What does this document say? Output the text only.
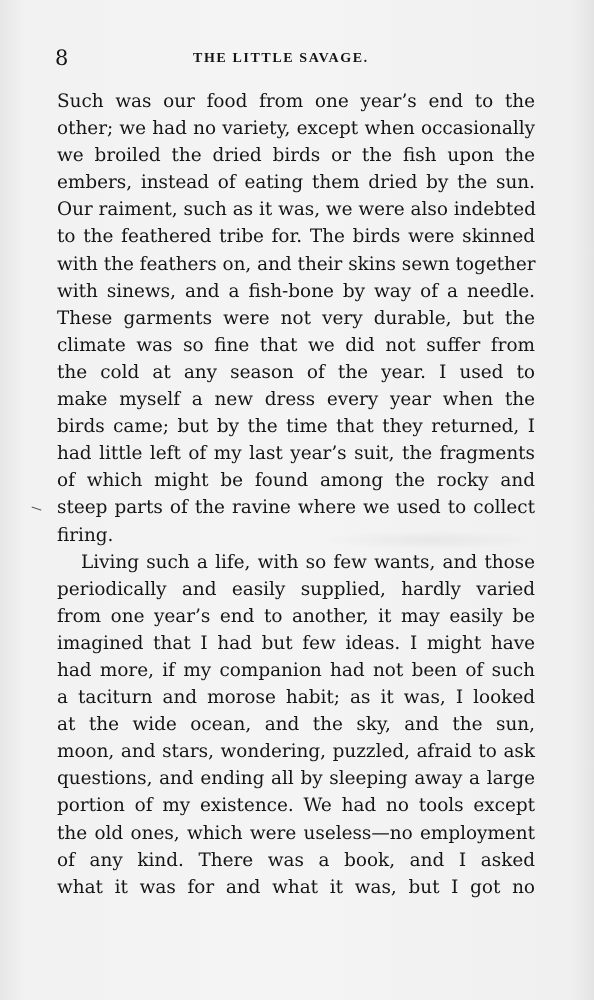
8	THE LITTLE SAVAGE.
Such was our food from one year’s end to the
other; we had no variety, except when occasionally
we broiled the dried birds or the fish upon the
embers, instead of eating them dried by the sun.
Our raiment, such as it was, we were also indebted
to the feathered tribe for. The birds were skinned
with the feathers on, and their skins sewn together
with sinews, and a fish-bone by way of a needle.
These garments were not very durable, but the
climate was so fine that we did not suffer from
the cold at any season of the year. I used to
make myself a new dress every year when the
birds came; but by the time that they returned, I
had little left of my last year’s suit, the fragments
of which might be found among the rocky and
steep parts of the ravine where we used to collect
firing.
Living such a life, with so few wants, and those
periodically and easily supplied, hardly varied
from one year’s end to another, it may easily be
imagined that I had but few ideas. I might have
had more, if my companion had not been of such
a taciturn and morose habit; as it was, I looked
at the wide ocean, and the sky, and the sun,
moon, and stars, wondering, puzzled, afraid to ask
questions, and ending all by sleeping away a large
portion of my existence. We had no tools except
the old ones, which were useless—no employment
of any kind. There was a book, and I asked
what it was for and what it was, but I got no
